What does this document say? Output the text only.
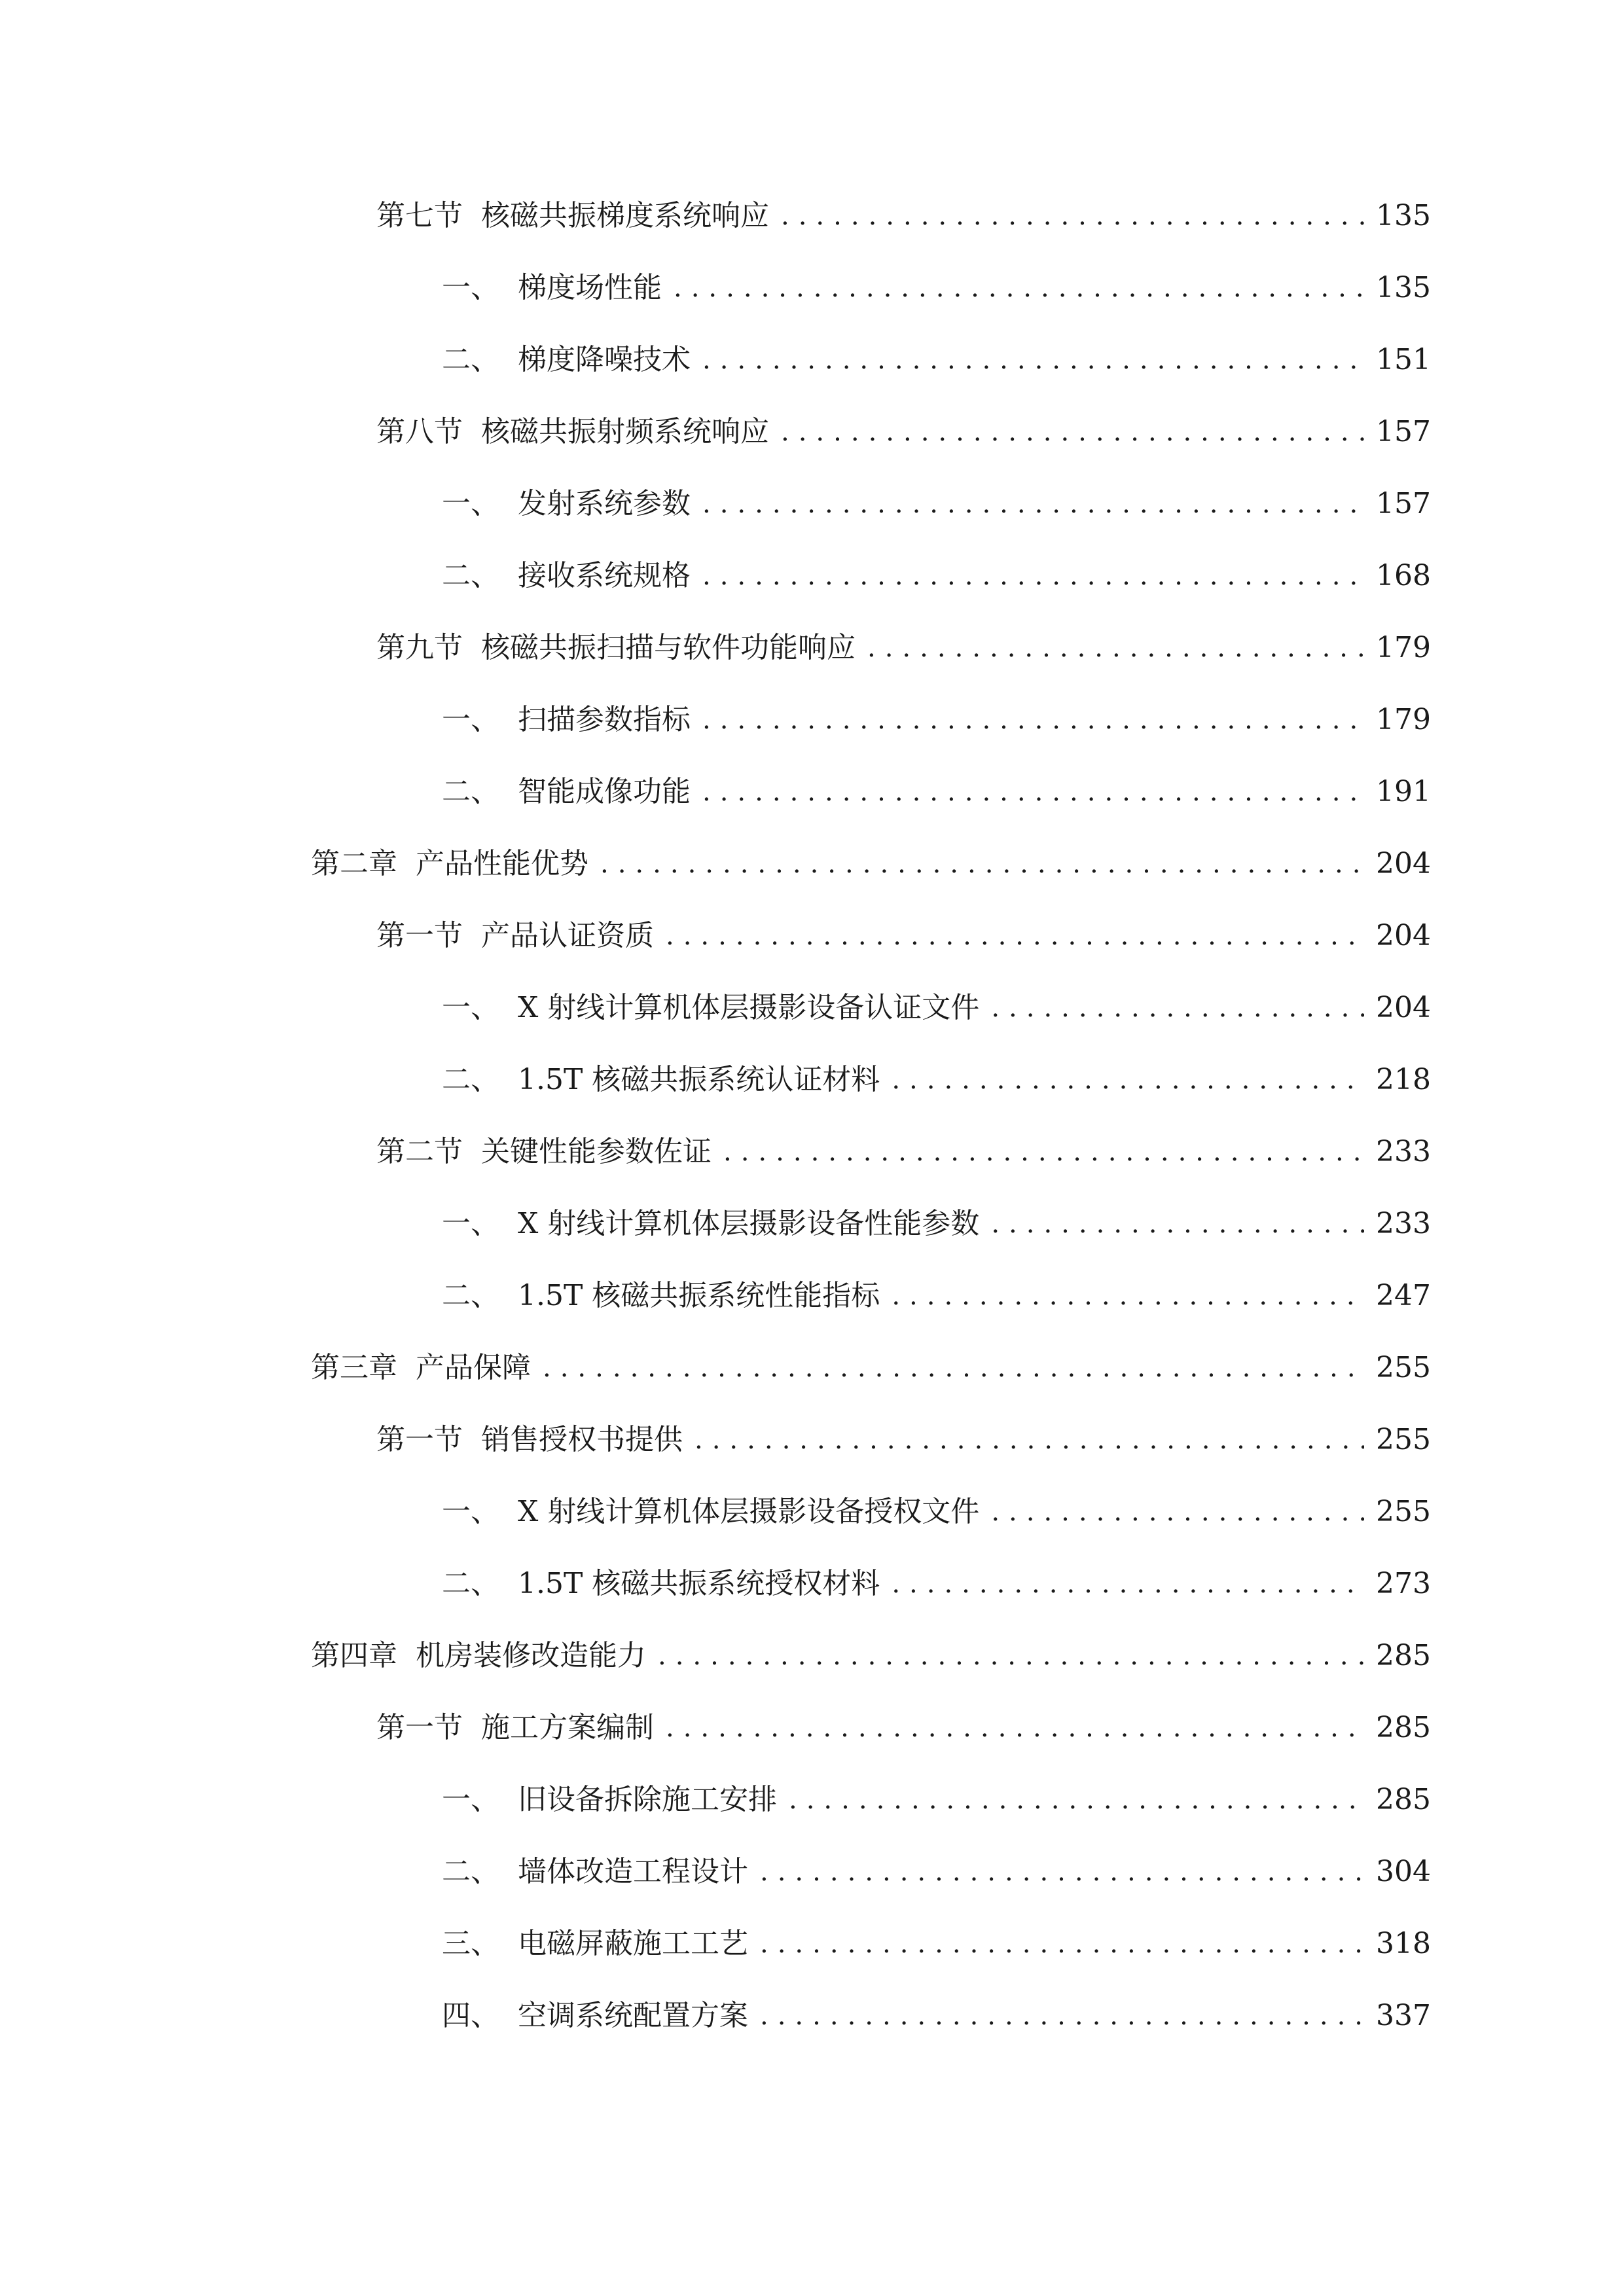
第七节 核磁共振梯度系统响应 .....	135
一、 梯度场性能 .....	135
二、 梯度降噪技术 .....	151
第八节 核磁共振射频系统响应 .....	157
一、 发射系统参数 .....	157
二、 接收系统规格 .....	168
第九节 核磁共振扫描与软件功能响应 .....	179
一、 扫描参数指标 .....	179
二、 智能成像功能 .....	191
第二章 产品性能优势 .....	204
第一节 产品认证资质 .....	204
一、 X 射线计算机体层摄影设备认证文件 .....	204
二、 1.5T 核磁共振系统认证材料 .....	218
第二节 关键性能参数佐证 .....	233
一、 X 射线计算机体层摄影设备性能参数 .....	233
二、 1.5T 核磁共振系统性能指标 .....	247
第三章 产品保障 .....	255
第一节 销售授权书提供 .....	255
一、 X 射线计算机体层摄影设备授权文件 .....	255
二、 1.5T 核磁共振系统授权材料 .....	273
第四章 机房装修改造能力 .....	285
第一节 施工方案编制 .....	285
一、 旧设备拆除施工安排 .....	285
二、 墙体改造工程设计 .....	304
三、 电磁屏蔽施工工艺 .....	318
四、 空调系统配置方案 .....	337
